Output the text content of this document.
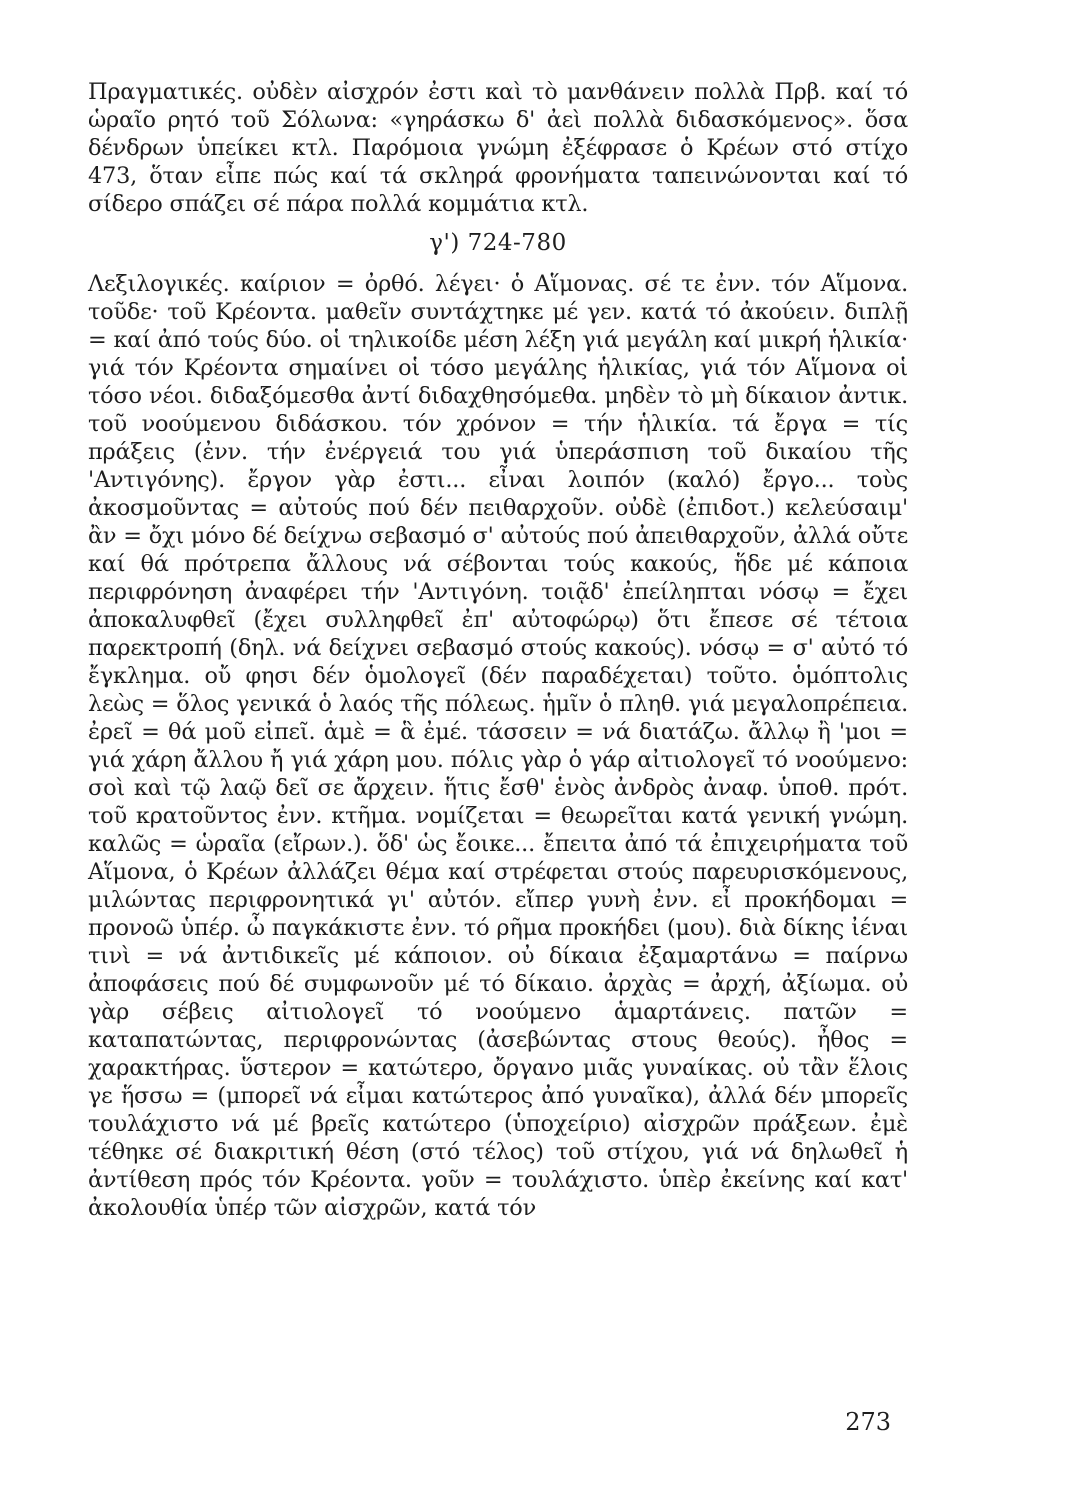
Πραγματικές. οὐδὲν αἰσχρόν ἐστι καὶ τὸ μανθάνειν πολλὰ Πρβ. καί τό ὡραῖο ρητό τοῦ Σόλωνα: «γηράσκω δ' ἀεὶ πολλὰ διδασκόμενος». ὅσα δένδρων ὑπείκει κτλ. Παρόμοια γνώμη ἐξέφρασε ὁ Κρέων στό στίχο 473, ὅταν εἶπε πώς καί τά σκληρά φρονήματα ταπεινώνονται καί τό σίδερο σπάζει σέ πάρα πολλά κομμάτια κτλ.

γ') 724-780

Λεξιλογικές. καίριον = ὀρθό. λέγει· ὁ Αἵμονας. σέ τε ἐνν. τόν Αἵμονα. τοῦδε· τοῦ Κρέοντα. μαθεῖν συντάχτηκε μέ γεν. κατά τό ἀκούειν. διπλῇ = καί ἀπό τούς δύο. οἱ τηλικοίδε μέση λέξη γιά μεγάλη καί μικρή ἡλικία· γιά τόν Κρέοντα σημαίνει οἱ τόσο μεγάλης ἡλικίας, γιά τόν Αἵμονα οἱ τόσο νέοι. διδαξόμεσθα ἀντί διδαχθησόμεθα. μηδὲν τὸ μὴ δίκαιον ἀντικ. τοῦ νοούμενου διδάσκου. τόν χρόνον = τήν ἡλικία. τά ἔργα = τίς πράξεις (ἐνν. τήν ἐνέργειά του γιά ὑπεράσπιση τοῦ δικαίου τῆς 'Αντιγόνης). ἔργον γὰρ ἐστι... εἶναι λοιπόν (καλό) ἔργο... τοὺς ἀκοσμοῦντας = αὐτούς πού δέν πειθαρχοῦν. οὐδὲ (ἐπιδοτ.) κελεύσαιμ' ἂν = ὄχι μόνο δέ δείχνω σεβασμό σ' αὐτούς πού ἀπειθαρχοῦν, ἀλλά οὔτε καί θά πρότρεπα ἄλλους νά σέβονται τούς κακούς, ἥδε μέ κάποια περιφρόνηση ἀναφέρει τήν 'Αντιγόνη. τοιᾷδ' ἐπείληπται νόσῳ = ἔχει ἀποκαλυφθεῖ (ἔχει συλληφθεῖ ἐπ' αὐτοφώρῳ) ὅτι ἔπεσε σέ τέτοια παρεκτροπή (δηλ. νά δείχνει σεβασμό στούς κακούς). νόσῳ = σ' αὐτό τό ἔγκλημα. οὔ φησι δέν ὁμολογεῖ (δέν παραδέχεται) τοῦτο. ὁμόπτολις λεὼς = ὅλος γενικά ὁ λαός τῆς πόλεως. ἡμῖν ὁ πληθ. γιά μεγαλοπρέπεια. ἐρεῖ = θά μοῦ εἰπεῖ. ἁμὲ = ἃ ἐμέ. τάσσειν = νά διατάζω. ἄλλῳ ἢ 'μοι = γιά χάρη ἄλλου ἤ γιά χάρη μου. πόλις γὰρ ὁ γάρ αἰτιολογεῖ τό νοούμενο: σοὶ καὶ τῷ λαῷ δεῖ σε ἄρχειν. ἥτις ἔσθ' ἑνὸς ἀνδρὸς ἀναφ. ὑποθ. πρότ. τοῦ κρατοῦντος ἐνν. κτῆμα. νομίζεται = θεωρεῖται κατά γενική γνώμη. καλῶς = ὡραῖα (εἴρων.). ὅδ' ὡς ἔοικε... ἔπειτα ἀπό τά ἐπιχειρήματα τοῦ Αἵμονα, ὁ Κρέων ἀλλάζει θέμα καί στρέφεται στούς παρευρισκόμενους, μιλώντας περιφρονητικά γι' αὐτόν. εἴπερ γυνὴ ἐνν. εἶ προκήδομαι = προνοῶ ὑπέρ. ὦ παγκάκιστε ἐνν. τό ρῆμα προκήδει (μου). διὰ δίκης ἰέναι τινὶ = νά ἀντιδικεῖς μέ κάποιον. οὐ δίκαια ἐξαμαρτάνω = παίρνω ἀποφάσεις πού δέ συμφωνοῦν μέ τό δίκαιο. ἀρχὰς = ἀρχή, ἀξίωμα. οὐ γὰρ σέβεις αἰτιολογεῖ τό νοούμενο ἁμαρτάνεις. πατῶν = καταπατώντας, περιφρονώντας (ἀσεβώντας στους θεούς). ἦθος = χαρακτήρας. ὕστερον = κατώτερο, ὄργανο μιᾶς γυναίκας. οὐ τἂν ἕλοις γε ἥσσω = (μπορεῖ νά εἶμαι κατώτερος ἀπό γυναῖκα), ἀλλά δέν μπορεῖς τουλάχιστο νά μέ βρεῖς κατώτερο (ὑποχείριο) αἰσχρῶν πράξεων. ἐμὲ τέθηκε σέ διακριτική θέση (στό τέλος) τοῦ στίχου, γιά νά δηλωθεῖ ἡ ἀντίθεση πρός τόν Κρέοντα. γοῦν = τουλάχιστο. ὑπὲρ ἐκείνης καί κατ' ἀκολουθία ὑπέρ τῶν αἰσχρῶν, κατά τόν

273
